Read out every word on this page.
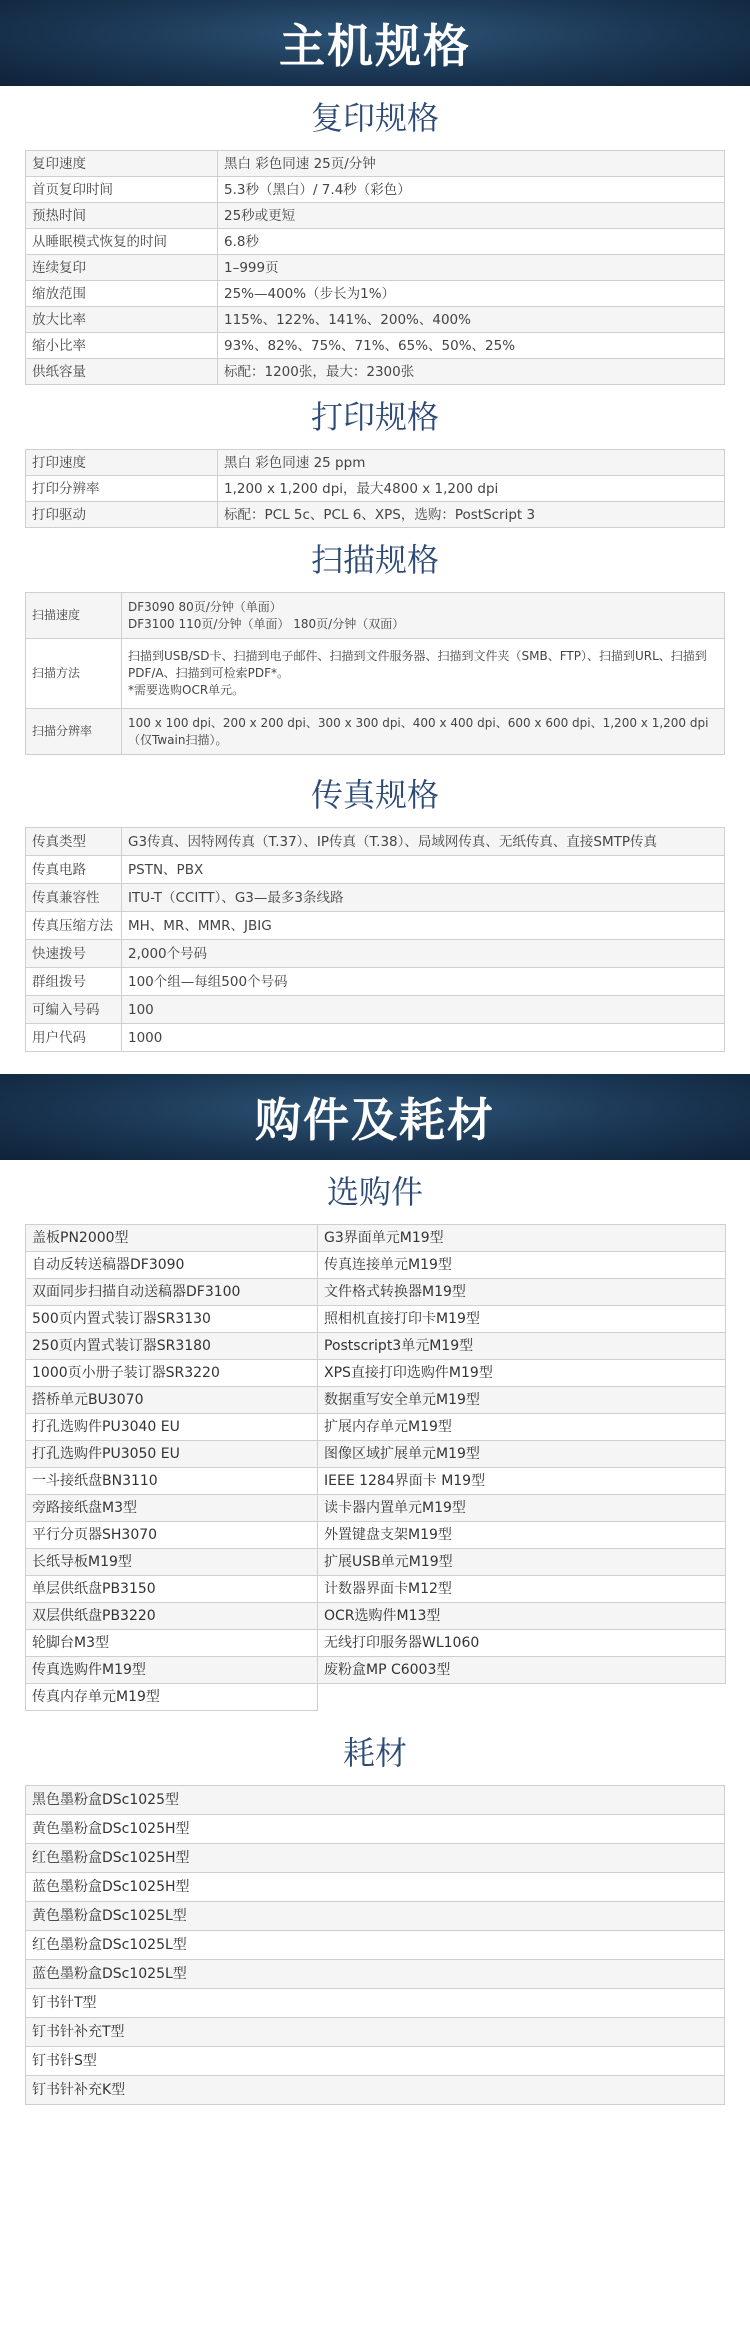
主机规格
复印规格
复印速度	黑白 彩色同速 25页/分钟
首页复印时间	5.3秒（黑白）/ 7.4秒（彩色）
预热时间	25秒或更短
从睡眠模式恢复的时间	6.8秒
连续复印	1–999页
缩放范围	25%—400%（步长为1%）
放大比率	115%、122%、141%、200%、400%
缩小比率	93%、82%、75%、71%、65%、50%、25%
供纸容量	标配：1200张，最大：2300张
打印规格
打印速度	黑白 彩色同速 25 ppm
打印分辨率	1,200 x 1,200 dpi，最大4800 x 1,200 dpi
打印驱动	标配：PCL 5c、PCL 6、XPS，选购：PostScript 3
扫描规格
扫描速度	DF3090 80页/分钟（单面）
DF3100 110页/分钟（单面） 180页/分钟（双面）

扫描方法	扫描到USB/SD卡、扫描到电子邮件、扫描到文件服务器、扫描到文件夹（SMB、FTP）、扫描到URL、扫描到PDF/A、扫描到可检索PDF*。
*需要选购OCR单元。

扫描分辨率	100 x 100 dpi、200 x 200 dpi、300 x 300 dpi、400 x 400 dpi、600 x 600 dpi、1,200 x 1,200 dpi（仅Twain扫描）。
传真规格
传真类型	G3传真、因特网传真（T.37）、IP传真（T.38）、局域网传真、无纸传真、直接SMTP传真
传真电路	PSTN、PBX
传真兼容性	ITU-T（CCITT）、G3—最多3条线路
传真压缩方法	MH、MR、MMR、JBIG
快速拨号	2,000个号码
群组拨号	100个组—每组500个号码
可编入号码	100
用户代码	1000
购件及耗材
选购件
盖板PN2000型	G3界面单元M19型
自动反转送稿器DF3090	传真连接单元M19型
双面同步扫描自动送稿器DF3100	文件格式转换器M19型
500页内置式装订器SR3130	照相机直接打印卡M19型
250页内置式装订器SR3180	Postscript3单元M19型
1000页小册子装订器SR3220	XPS直接打印选购件M19型
搭桥单元BU3070	数据重写安全单元M19型
打孔选购件PU3040 EU	扩展内存单元M19型
打孔选购件PU3050 EU	图像区域扩展单元M19型
一斗接纸盘BN3110	IEEE 1284界面卡 M19型
旁路接纸盘M3型	读卡器内置单元M19型
平行分页器SH3070	外置键盘支架M19型
长纸导板M19型	扩展USB单元M19型
单层供纸盘PB3150	计数器界面卡M12型
双层供纸盘PB3220	OCR选购件M13型
轮脚台M3型	无线打印服务器WL1060
传真选购件M19型	废粉盒MP C6003型
传真内存单元M19型	
耗材
黑色墨粉盒DSc1025型
黄色墨粉盒DSc1025H型
红色墨粉盒DSc1025H型
蓝色墨粉盒DSc1025H型
黄色墨粉盒DSc1025L型
红色墨粉盒DSc1025L型
蓝色墨粉盒DSc1025L型
钉书针T型
钉书针补充T型
钉书针S型
钉书针补充K型
